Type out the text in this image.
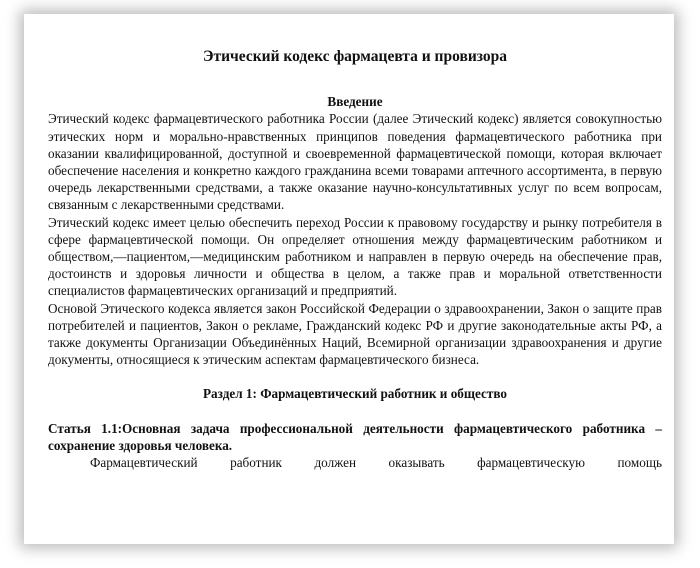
Этический кодекс фармацевта и провизора
Введение

Этический кодекс фармацевтического работника России (далее Этический кодекс) является совокупностью этических норм и морально-нравственных принципов поведения фармацевтического работника при оказании квалифицированной, доступной и своевременной фармацевтической помощи, которая включает обеспечение населения и конкретно каждого гражданина всеми товарами аптечного ассортимента, в первую очередь лекарственными средствами, а также оказание научно-консультативных услуг по всем вопросам, связанным с лекарственными средствами.

Этический кодекс имеет целью обеспечить переход России к правовому государству и рынку потребителя в сфере фармацевтической помощи. Он определяет отношения между фармацевтическим работником и обществом,—пациентом,—медицинским работником и направлен в первую очередь на обеспечение прав, достоинств и здоровья личности и общества в целом, а также прав и моральной ответственности специалистов фармацевтических организаций и предприятий.

Основой Этического кодекса является закон Российской Федерации о здравоохранении, Закон о защите прав потребителей и пациентов, Закон о рекламе, Гражданский кодекс РФ и другие законодательные акты РФ, а также документы Организации Объединённых Наций, Всемирной организации здравоохранения и другие документы, относящиеся к этическим аспектам фармацевтического бизнеса.

Раздел 1: Фармацевтический работник и общество

Статья 1.1:Основная задача профессиональной деятельности фармацевтического работника –сохранение здоровья человека.

Фармацевтический работник должен оказывать фармацевтическую помощь
